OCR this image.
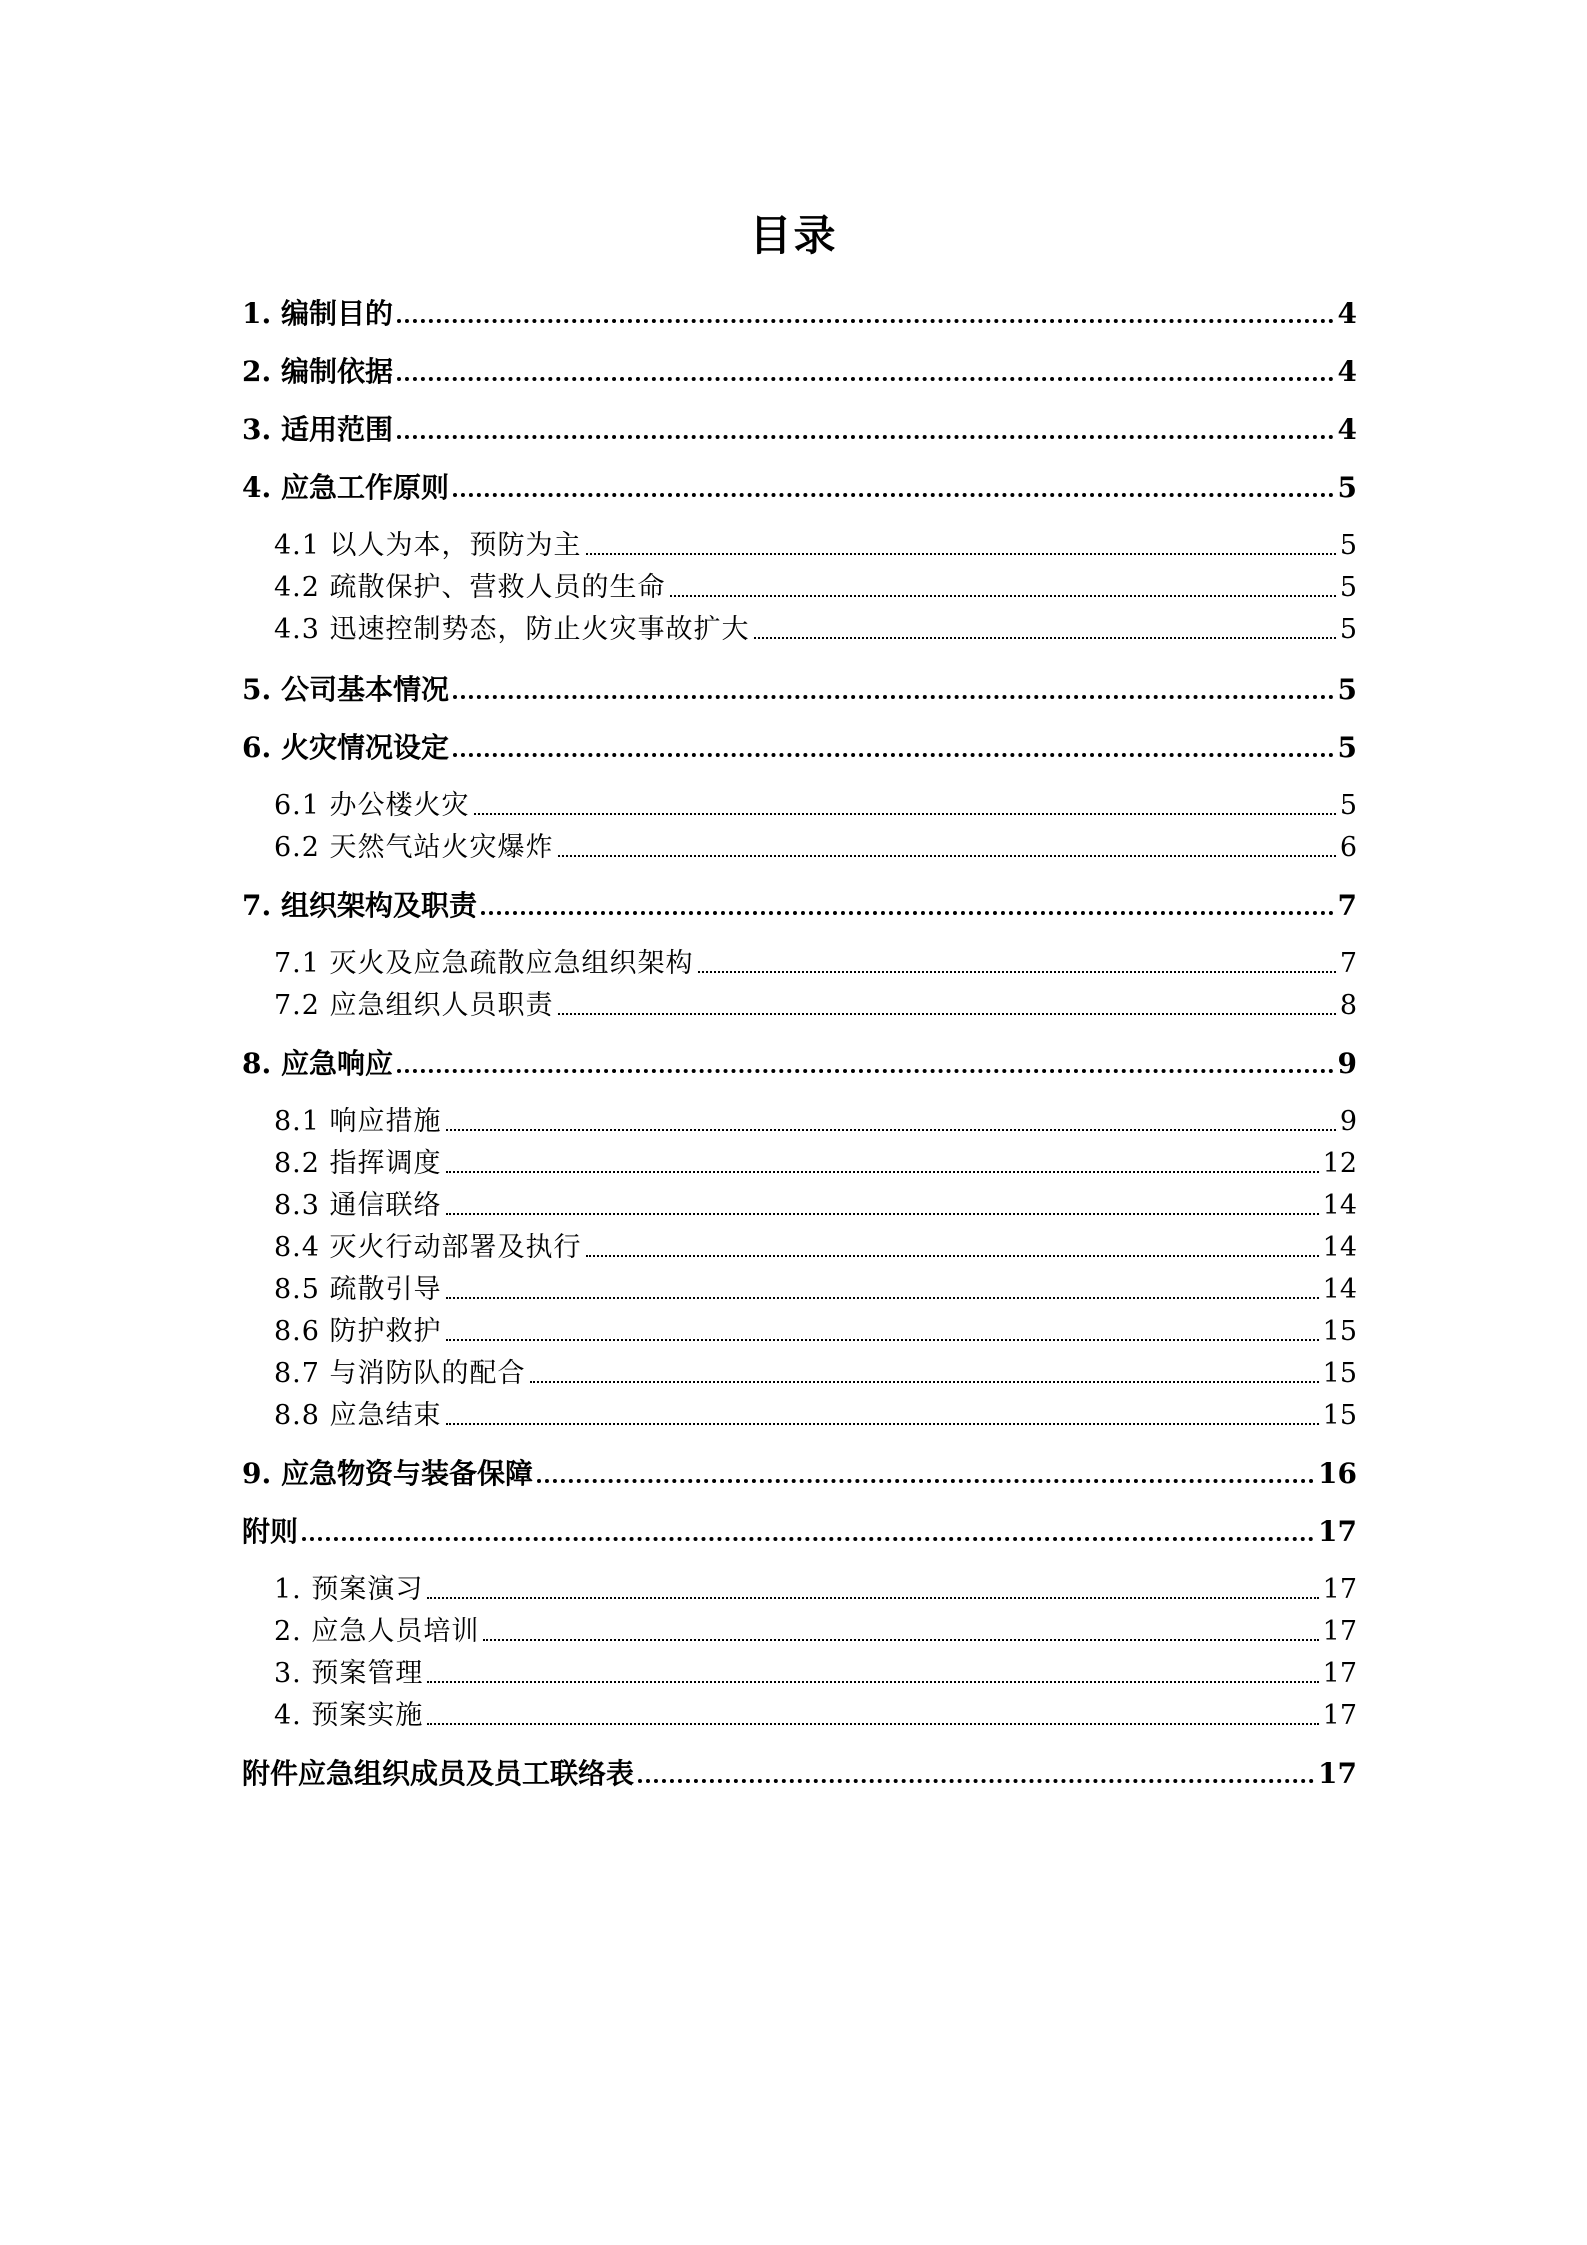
目录
1. 编制目的	4
2. 编制依据	4
3. 适用范围	4
4. 应急工作原则	5
4.1 以人为本，预防为主	5
4.2 疏散保护、营救人员的生命	5
4.3 迅速控制势态，防止火灾事故扩大	5
5. 公司基本情况	5
6. 火灾情况设定	5
6.1 办公楼火灾	5
6.2 天然气站火灾爆炸	6
7. 组织架构及职责	7
7.1 灭火及应急疏散应急组织架构	7
7.2 应急组织人员职责	8
8. 应急响应	9
8.1 响应措施	9
8.2 指挥调度	12
8.3 通信联络	14
8.4 灭火行动部署及执行	14
8.5 疏散引导	14
8.6 防护救护	15
8.7 与消防队的配合	15
8.8 应急结束	15
9. 应急物资与装备保障	16
附则	17
1. 预案演习	17
2. 应急人员培训	17
3. 预案管理	17
4. 预案实施	17
附件应急组织成员及员工联络表	17
